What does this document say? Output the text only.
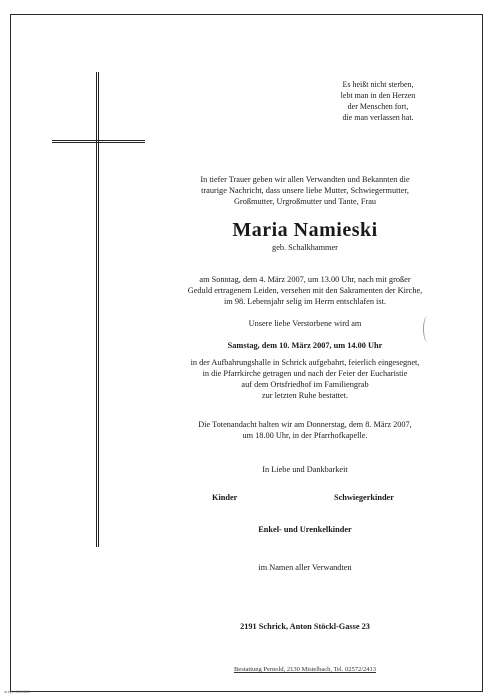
Es heißt nicht sterben,
lebt man in den Herzen
der Menschen fort,
die man verlassen hat.
In tiefer Trauer geben wir allen Verwandten und Bekannten die
traurige Nachricht, dass unsere liebe Mutter, Schwiegermutter,
Großmutter, Urgroßmutter und Tante, Frau
Maria Namieski
geb. Schalkhammer
am Sonntag, dem 4. März 2007, um 13.00 Uhr, nach mit großer
Geduld ertragenem Leiden, versehen mit den Sakramenten der Kirche,
im 98. Lebensjahr selig im Herrn entschlafen ist.
Unsere liebe Verstorbene wird am
Samstag, dem 10. März 2007, um 14.00 Uhr
in der Aufbahrungshalle in Schrick aufgebahrt, feierlich eingesegnet,
in die Pfarrkirche getragen und nach der Feier der Eucharistie
auf dem Ortsfriedhof im Familiengrab
zur letzten Ruhe bestattet.
Die Totenandacht halten wir am Donnerstag, dem 8. März 2007,
um 18.00 Uhr, in der Pfarrhofkapelle.
In Liebe und Dankbarkeit
Kinder	Schwiegerkinder
Enkel- und Urenkelkinder
im Namen aller Verwandten
2191 Schrick, Anton Stöckl-Gasse 23
Bestattung Pernold, 2130 Mistelbach, Tel. 02572/2413
dr.by.L.068/0318
